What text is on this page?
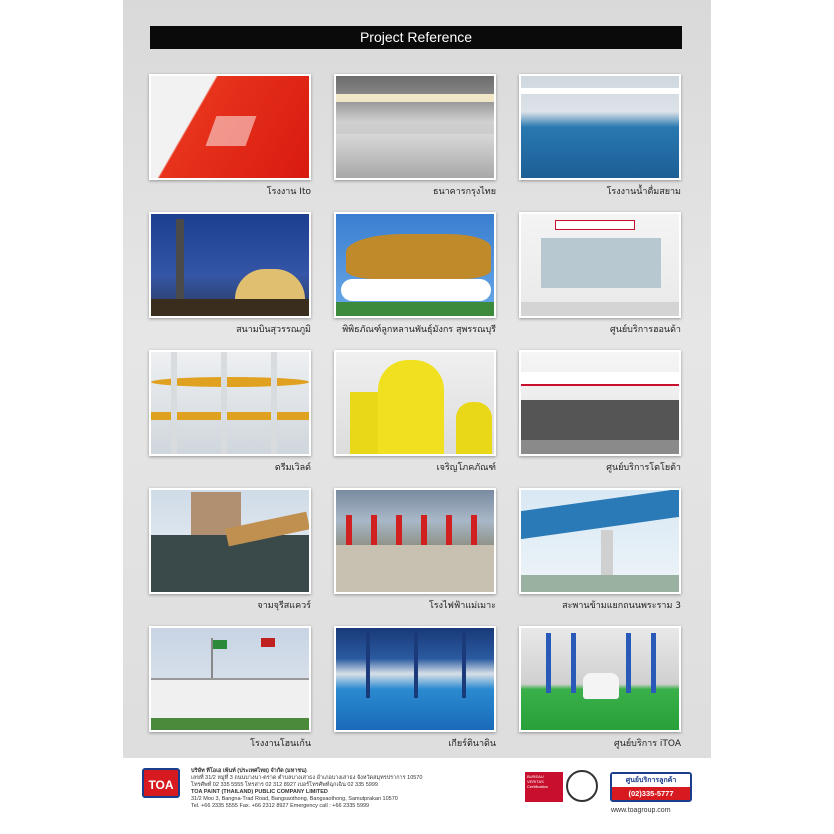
Project Reference
โรงงาน Ito	ธนาคารกรุงไทย	โรงงานน้ำดื่มสยาม
สนามบินสุวรรณภูมิ	พิพิธภัณฑ์ลูกหลานพันธุ์มังกร สุพรรณบุรี	ศูนย์บริการฮอนด้า
ดรีมเวิลด์	เจริญโภคภัณฑ์	ศูนย์บริการโตโยต้า
จามจุรีสแควร์	โรงไฟฟ้าแม่เมาะ	สะพานข้ามแยกถนนพระราม 3
โรงงานโฮนเก้น	เกียร์ตินาดิน	ศูนย์บริการ iTOA
TOA
บริษัท ทีโอเอ เพ้นท์ (ประเทศไทย) จำกัด (มหาชน)
เลขที่ 31/2 หมู่ที่ 3 ถนนบางนา-ตราด ตำบลบางเสาธง อำเภอบางเสาธง จังหวัดสมุทรปราการ 10570
โทรศัพท์ 02 335 5555 โทรสาร 02 312 8927 เบอร์โทรศัพท์ฉุกเฉิน 02 335 5999
TOA PAINT (THAILAND) PUBLIC COMPANY LIMITED
31/2 Moo 3, Bangna-Trad Road, Bangsaothong, Bangsaothong, Samutprakan 10570
Tel. +66 2335 5555 Fax. +66 2312 8927 Emergency call : +66 2335 5999
BUREAU VERITAS Certification
ศูนย์บริการลูกค้า
(02)335-5777
www.toagroup.com
